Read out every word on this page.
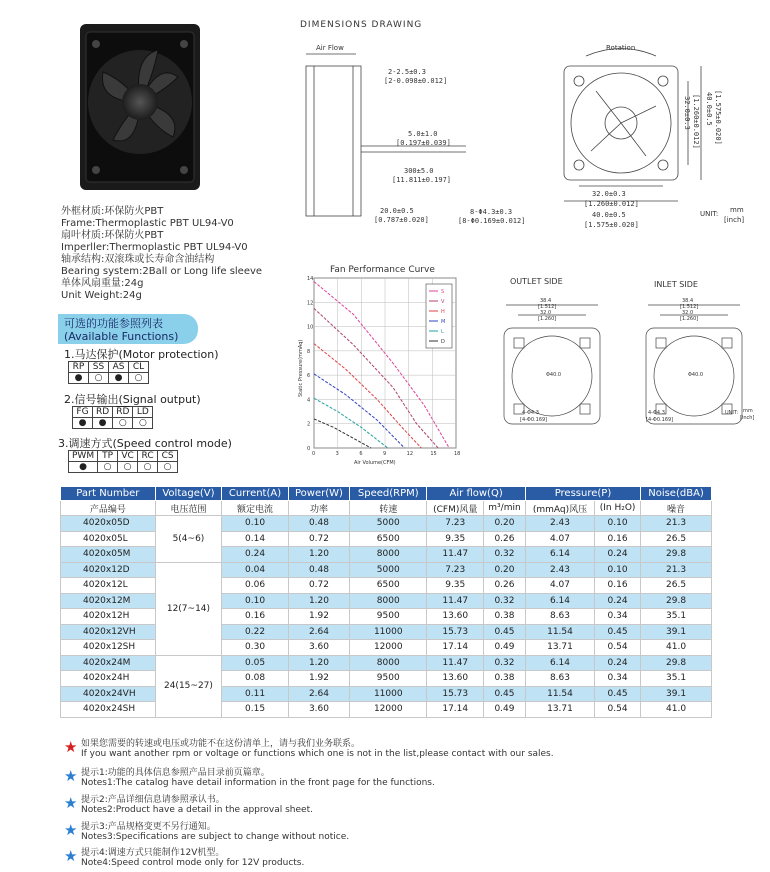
外框材质:环保防火PBT
Frame:Thermoplastic PBT UL94-V0
扇叶材质:环保防火PBT
Imperller:Thermoplastic PBT UL94-V0
轴承结构:双滚珠或长寿命含油结构
Bearing system:2Ball or Long life sleeve
单体风扇重量:24g
Unit Weight:24g
可选的功能参照列表
(Available Functions)
1.马达保护(Motor protection)
RP	SS	AS	CL
●	○	●	○
2.信号输出(Signal output)
FG	RD	$\overline{RD}$	LD
●	●	○	○
3.调速方式(Speed control mode)
PWM	TP	VC	RC	CS
●	○	○	○	○
DIMENSIONS DRAWING
Air Flow
2-2.5±0.3
[2-0.098±0.012]
5.0±1.0
[0.197±0.039]
300±5.0
[11.811±0.197]
20.0±0.5
[0.787±0.020]
8-Φ4.3±0.3
[8-Φ0.169±0.012]
Rotation
32.0±0.3
[1.260±0.012]
40.0±0.5
[1.575±0.020]
32.0±0.3 [1.260±0.012] 40.0±0.5 [1.575±0.020]
UNIT: mm
[inch]
Fan Performance Curve
0	3	6	9	12	15	18
0
2
4
6
8
10
12
14
S
V
H
M
L
D
Air Volume(CFM)
Static Pressure(mmAq)
OUTLET SIDE	INLET SIDE
38.4
[1.512]
32.0
[1.260]
38.4
[1.512]
32.0
[1.260]
4-Φ4.3
[4-Φ0.169]
4-Φ4.3
[4-Φ0.169]
Φ40.0	Φ40.0
UNIT: mm
[inch]
Part Number	Voltage(V)	Current(A)	Power(W)	Speed(RPM)	Air flow(Q)		Pressure(P)		Noise(dBA)
产品编号	电压范围	额定电流	功率	转速	(CFM)风量	m³/min	(mmAq)风压	(In H₂O)	噪音
4020x05D	5(4~6)	0.10	0.48	5000	7.23	0.20	2.43	0.10	21.3
4020x05L		0.14	0.72	6500	9.35	0.26	4.07	0.16	26.5
4020x05M		0.24	1.20	8000	11.47	0.32	6.14	0.24	29.8
4020x12D	12(7~14)	0.04	0.48	5000	7.23	0.20	2.43	0.10	21.3
4020x12L		0.06	0.72	6500	9.35	0.26	4.07	0.16	26.5
4020x12M		0.10	1.20	8000	11.47	0.32	6.14	0.24	29.8
4020x12H		0.16	1.92	9500	13.60	0.38	8.63	0.34	35.1
4020x12VH		0.22	2.64	11000	15.73	0.45	11.54	0.45	39.1
4020x12SH		0.30	3.60	12000	17.14	0.49	13.71	0.54	41.0
4020x24M	24(15~27)	0.05	1.20	8000	11.47	0.32	6.14	0.24	29.8
4020x24H		0.08	1.92	9500	13.60	0.38	8.63	0.34	35.1
4020x24VH		0.11	2.64	11000	15.73	0.45	11.54	0.45	39.1
4020x24SH		0.15	3.60	12000	17.14	0.49	13.71	0.54	41.0
★ 如果您需要的转速或电压或功能不在这份清单上，请与我们业务联系。
If you want another rpm or voltage or functions which one is not in the list,please contact with our sales.
★ 提示1:功能的具体信息参照产品目录前页篇章。
Notes1:The catalog have detail information in the front page for the functions.
★ 提示2:产品详细信息请参照承认书。
Notes2:Product have a detail in the approval sheet.
★ 提示3:产品规格变更不另行通知。
Notes3:Specifications are subject to change without notice.
★ 提示4:调速方式只能制作12V机型。
Note4:Speed control mode only for 12V products.
